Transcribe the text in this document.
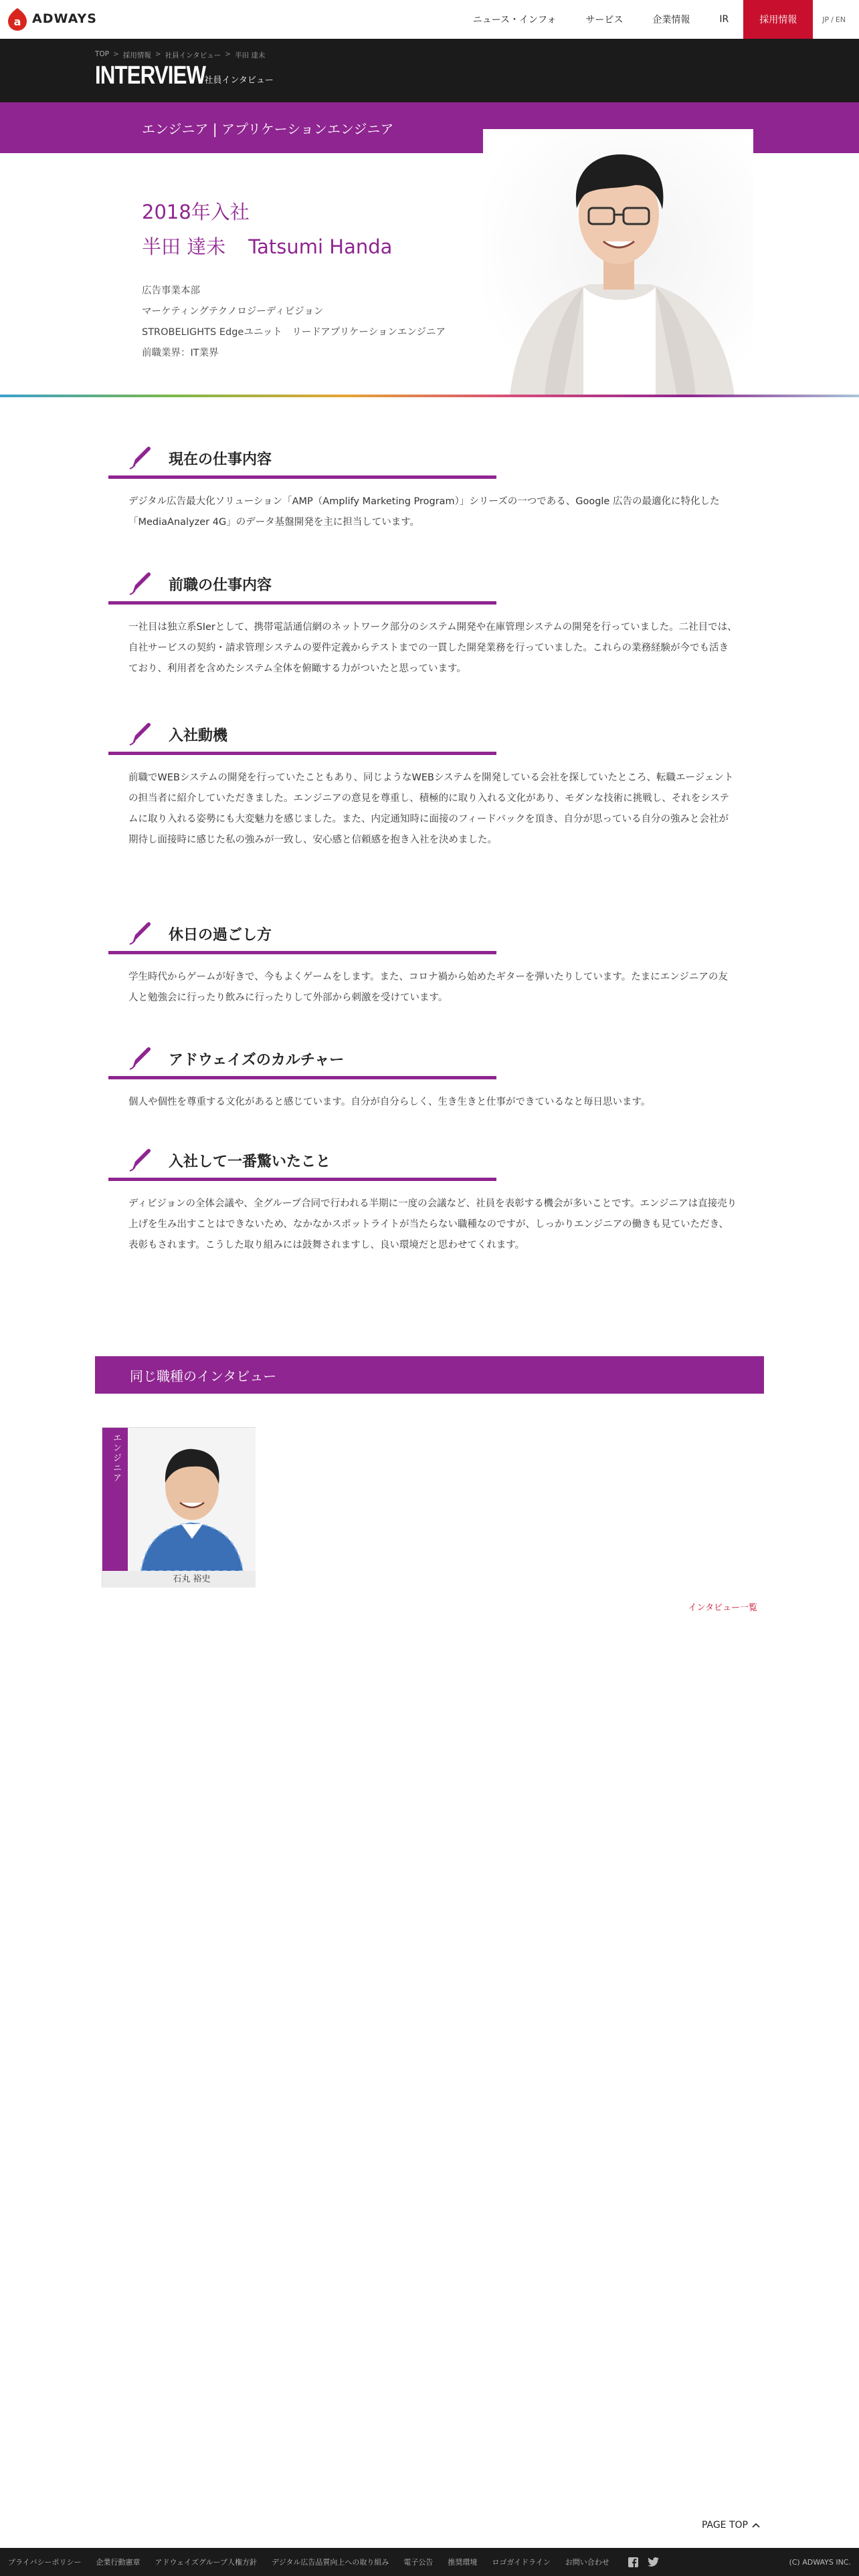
a ADWAYS	ニュース・インフォ	サービス	企業情報	IR	採用情報	JP / EN
TOP > 採用情報 > 社員インタビュー > 半田 達未
INTERVIEW
社員インタビュー
エンジニア | アプリケーションエンジニア
2018年入社
半田 達未 Tatsumi Handa
広告事業本部
マーケティングテクノロジーディビジョン
STROBELIGHTS Edgeユニット　リードアプリケーションエンジニア
前職業界：IT業界
現在の仕事内容

デジタル広告最大化ソリューション「AMP（Amplify Marketing Program）」シリーズの一つである、Google 広告の最適化に特化した「MediaAnalyzer 4G」のデータ基盤開発を主に担当しています。

前職の仕事内容

一社目は独立系SIerとして、携帯電話通信網のネットワーク部分のシステム開発や在庫管理システムの開発を行っていました。二社目では、自社サービスの契約・請求管理システムの要件定義からテストまでの一貫した開発業務を行っていました。これらの業務経験が今でも活きており、利用者を含めたシステム全体を俯瞰する力がついたと思っています。

入社動機

前職でWEBシステムの開発を行っていたこともあり、同じようなWEBシステムを開発している会社を探していたところ、転職エージェントの担当者に紹介していただきました。エンジニアの意見を尊重し、積極的に取り入れる文化があり、モダンな技術に挑戦し、それをシステムに取り入れる姿勢にも大変魅力を感じました。また、内定通知時に面接のフィードバックを頂き、自分が思っている自分の強みと会社が期待し面接時に感じた私の強みが一致し、安心感と信頼感を抱き入社を決めました。

休日の過ごし方

学生時代からゲームが好きで、今もよくゲームをします。また、コロナ禍から始めたギターを弾いたりしています。たまにエンジニアの友人と勉強会に行ったり飲みに行ったりして外部から刺激を受けています。

アドウェイズのカルチャー

個人や個性を尊重する文化があると感じています。自分が自分らしく、生き生きと仕事ができているなと毎日思います。

入社して一番驚いたこと

ディビジョンの全体会議や、全グループ合同で行われる半期に一度の会議など、社員を表彰する機会が多いことです。エンジニアは直接売り上げを生み出すことはできないため、なかなかスポットライトが当たらない職種なのですが、しっかりエンジニアの働きも見ていただき、表彰もされます。こうした取り組みには鼓舞されますし、良い環境だと思わせてくれます。

同じ職種のインタビュー
エンジニア
石丸 裕史
インタビュー一覧
PAGE TOP
プライバシーポリシー 企業行動憲章 アドウェイズグループ人権方針 デジタル広告品質向上への取り組み 電子公告 推奨環境 ロゴガイドライン お問い合わせ	(C) ADWAYS INC.
